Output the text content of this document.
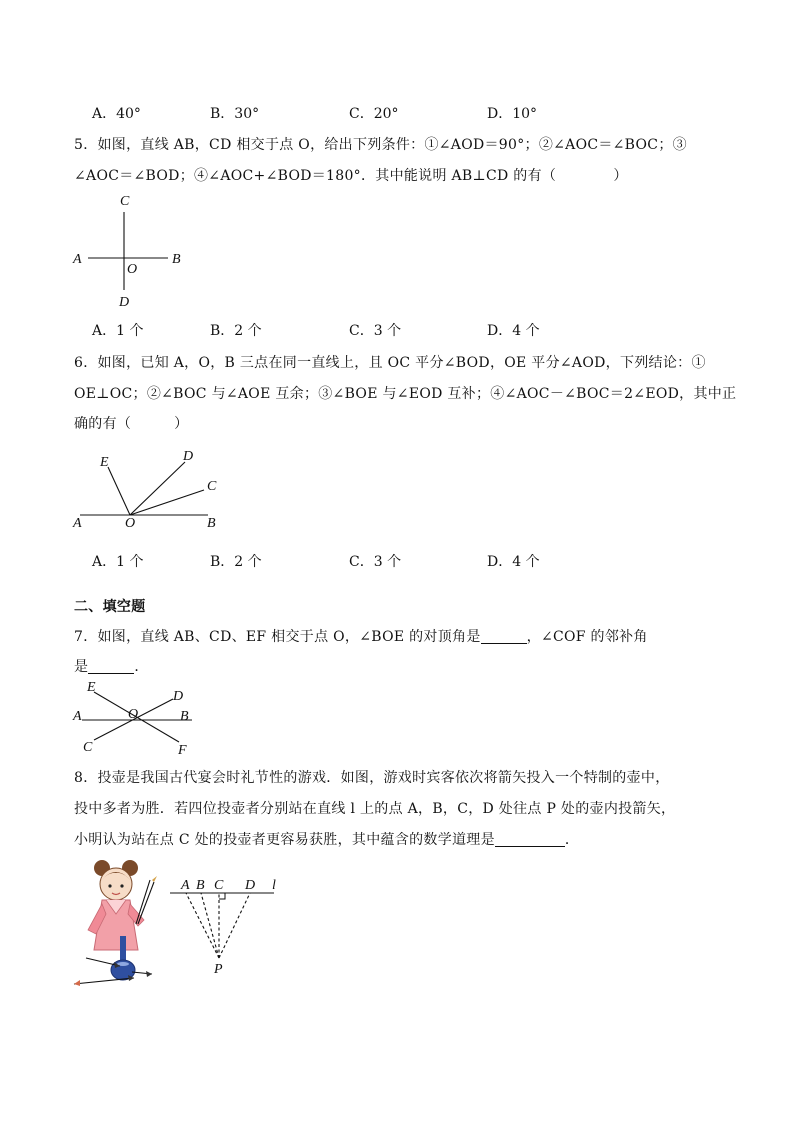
A．40°	B．30°	C．20°	D．10°
5．如图，直线 AB，CD 相交于点 O，给出下列条件：①∠AOD＝90°；②∠AOC＝∠BOC；③
∠AOC＝∠BOD；④∠AOC+∠BOD＝180°．其中能说明 AB⊥CD 的有（　　　　）
C
A	B
O
D
A．1 个	B．2 个	C．3 个	D．4 个
6．如图，已知 A，O，B 三点在同一直线上，且 OC 平分∠BOD，OE 平分∠AOD，下列结论：①
OE⊥OC；②∠BOC 与∠AOE 互余；③∠BOE 与∠EOD 互补；④∠AOC－∠BOC＝2∠EOD，其中正
确的有（　　　）
E	D
C
A	O	B
A．1 个	B．2 个	C．3 个	D．4 个
二、填空题
7．如图，直线 AB、CD、EF 相交于点 O，∠BOE 的对顶角是	，∠COF 的邻补角
是	．
E
D
A	O	B
C	F
8．投壶是我国古代宴会时礼节性的游戏．如图，游戏时宾客依次将箭矢投入一个特制的壶中，
投中多者为胜．若四位投壶者分别站在直线 l 上的点 A，B，C，D 处往点 P 处的壶内投箭矢，
小明认为站在点 C 处的投壶者更容易获胜，其中蕴含的数学道理是	．
A B C D l
P
